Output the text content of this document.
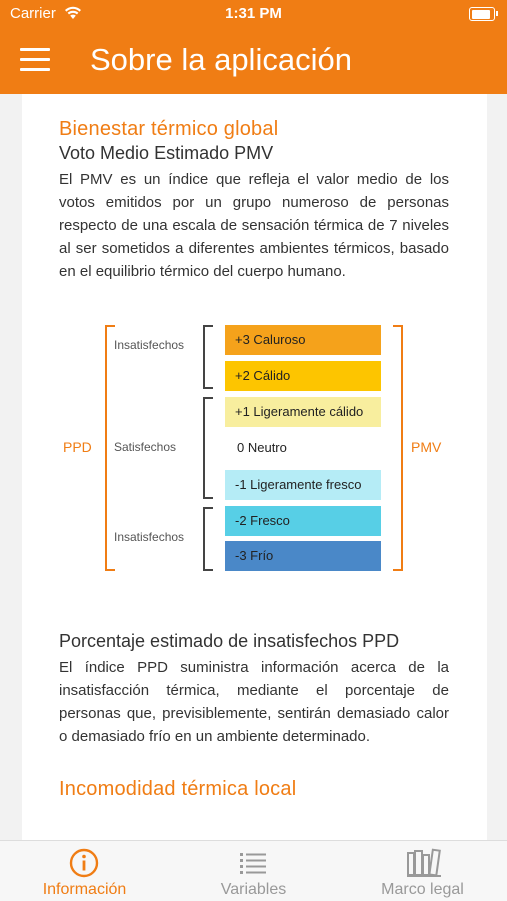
Carrier	1:31 PM
Sobre la aplicación
Bienestar térmico global
Voto Medio Estimado PMV

El PMV es un índice que refleja el valor medio de los votos emitidos por un grupo numeroso de personas respecto de una escala de sensación térmica de 7 niveles al ser sometidos a diferentes ambientes térmicos, basado en el equilibrio térmico del cuerpo humano.

PPD
Insatisfechos
Satisfechos
Insatisfechos
+3 Caluroso
+2 Cálido
+1 Ligeramente cálido
0 Neutro
-1 Ligeramente fresco
-2 Fresco
-3 Frío
PMV
Porcentaje estimado de insatisfechos PPD

El índice PPD suministra información acerca de la insatisfacción térmica, mediante el porcentaje de personas que, previsiblemente, sentirán demasiado calor o demasiado frío en un ambiente determinado.

Incomodidad térmica local
Información	Variables	Marco legal
